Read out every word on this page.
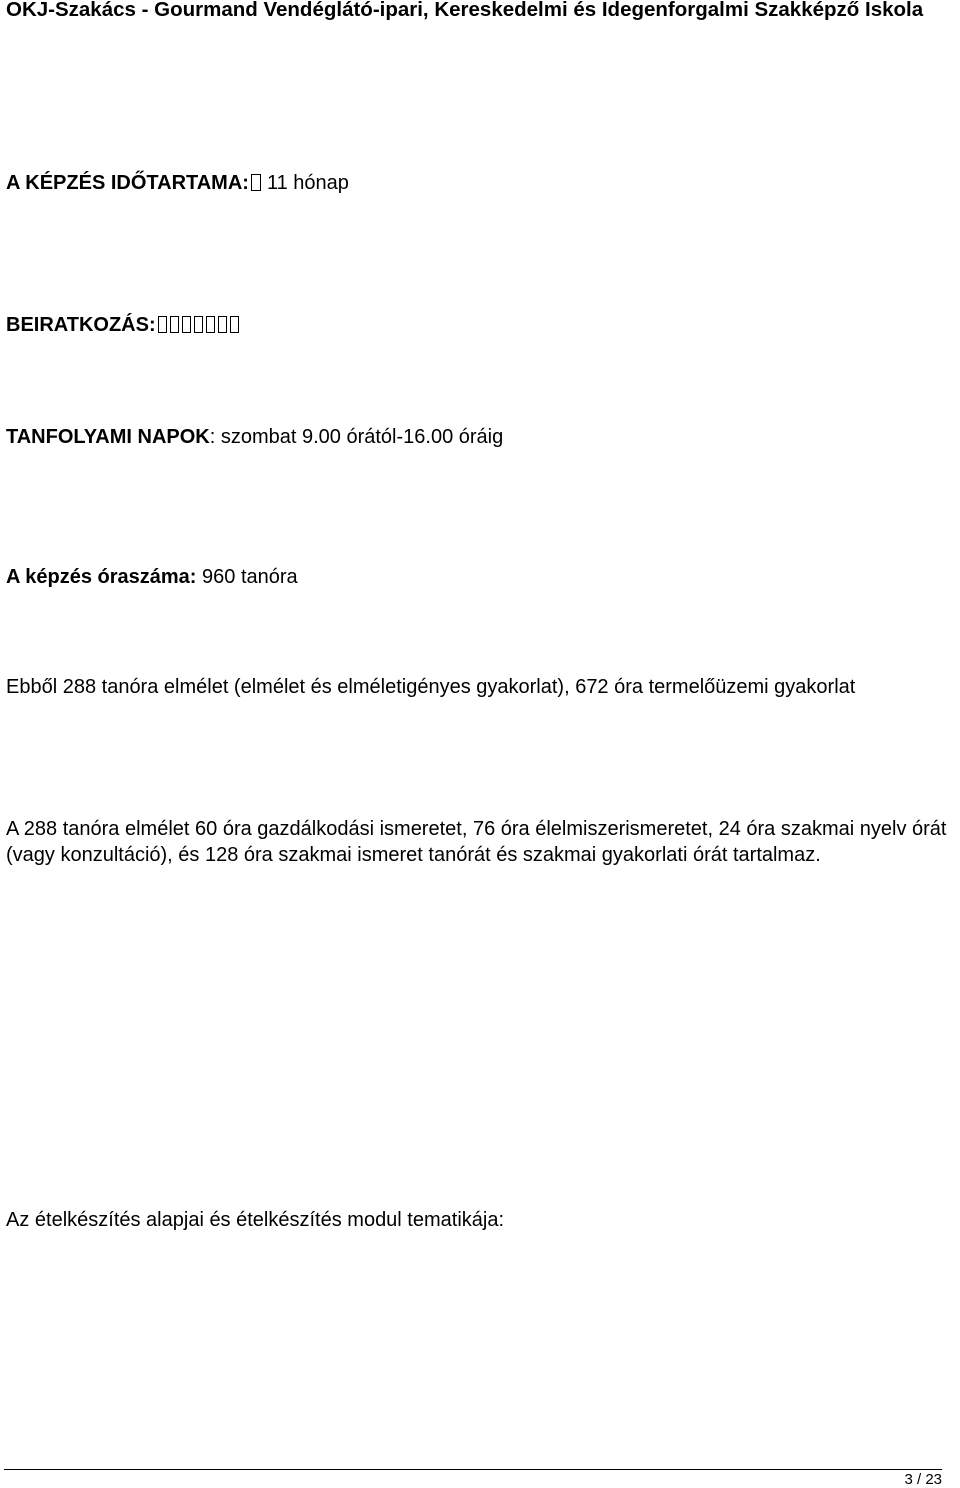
OKJ-Szakács - Gourmand Vendéglátó-ipari, Kereskedelmi és Idegenforgalmi Szakképző Iskola
A KÉPZÉS IDŐTARTAMA: 11 hónap
BEIRATKOZÁS:
TANFOLYAMI NAPOK: szombat 9.00 órától-16.00 óráig
A képzés óraszáma: 960 tanóra
Ebből 288 tanóra elmélet (elmélet és elméletigényes gyakorlat), 672 óra termelőüzemi gyakorlat
A 288 tanóra elmélet 60 óra gazdálkodási ismeretet, 76 óra élelmiszerismeretet, 24 óra szakmai nyelv órát (vagy konzultáció), és 128 óra szakmai ismeret tanórát és szakmai gyakorlati órát tartalmaz.
Az ételkészítés alapjai és ételkészítés modul tematikája:
3 / 23
